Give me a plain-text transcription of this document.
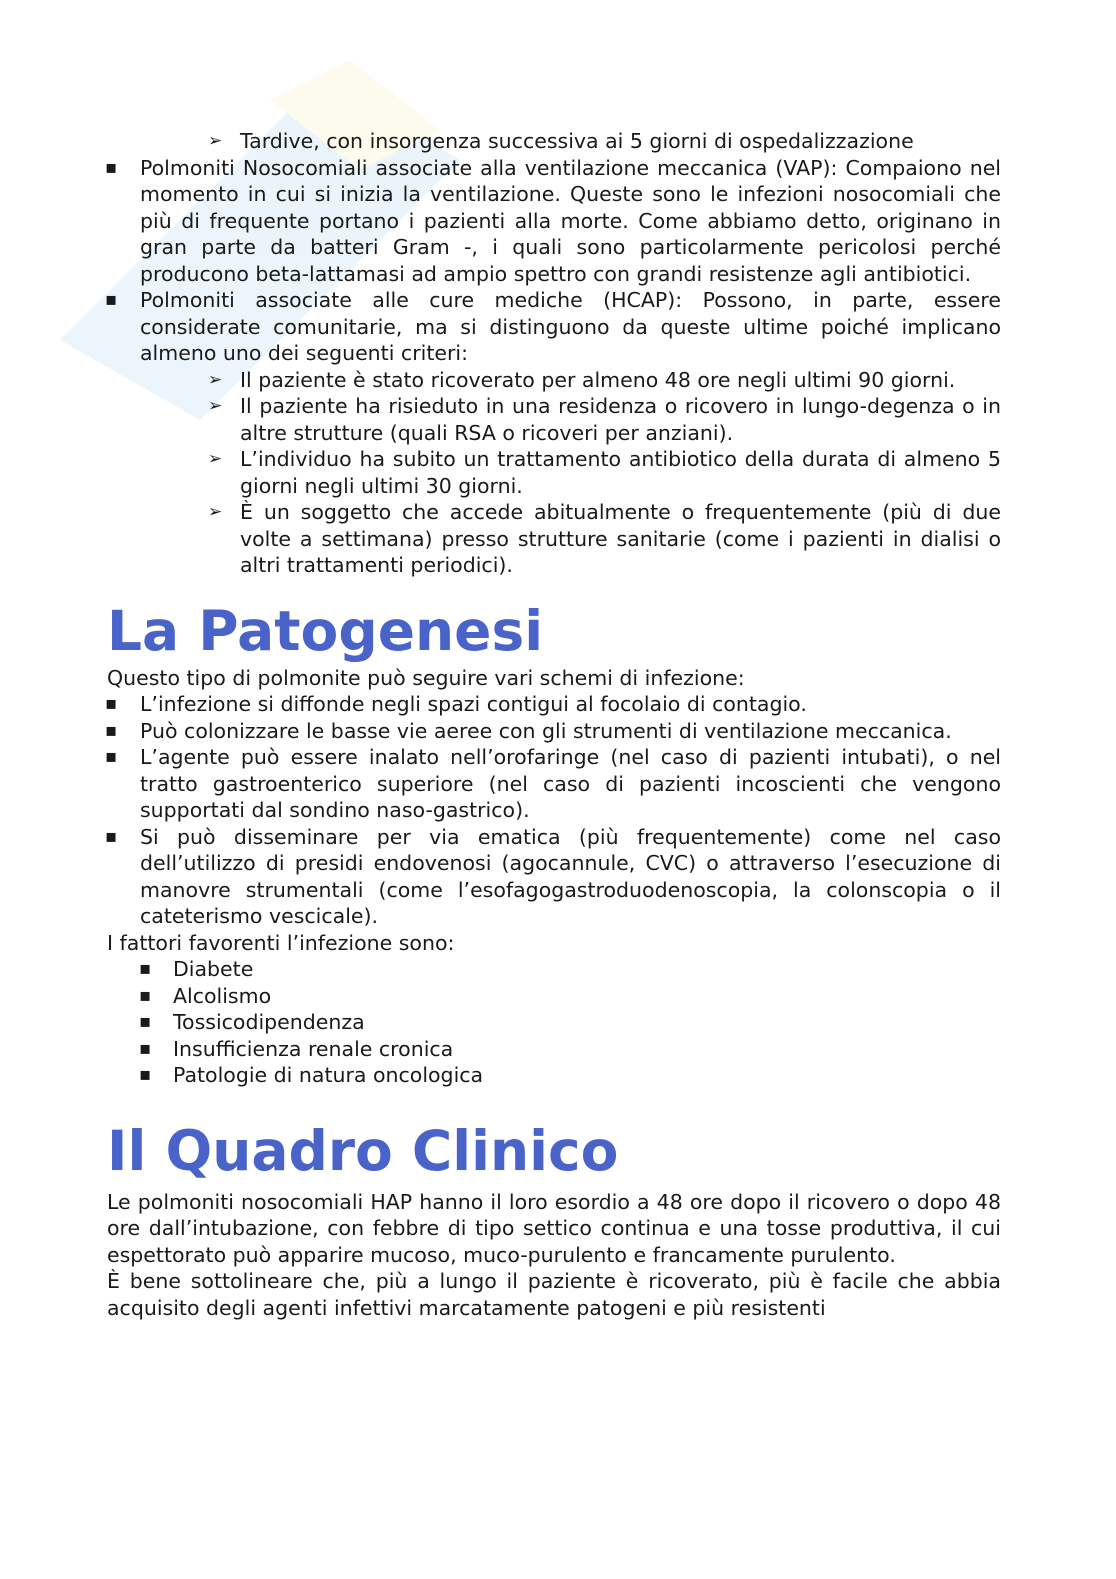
➢ Tardive, con insorgenza successiva ai 5 giorni di ospedalizzazione
▪ Polmoniti Nosocomiali associate alla ventilazione meccanica (VAP): Compaiono nel momento in cui si inizia la ventilazione. Queste sono le infezioni nosocomiali che più di frequente portano i pazienti alla morte. Come abbiamo detto, originano in gran parte da batteri Gram -, i quali sono particolarmente pericolosi perché producono beta-lattamasi ad ampio spettro con grandi resistenze agli antibiotici.
▪ Polmoniti associate alle cure mediche (HCAP): Possono, in parte, essere considerate comunitarie, ma si distinguono da queste ultime poiché implicano almeno uno dei seguenti criteri:
➢ Il paziente è stato ricoverato per almeno 48 ore negli ultimi 90 giorni.
➢ Il paziente ha risieduto in una residenza o ricovero in lungo-degenza o in altre strutture (quali RSA o ricoveri per anziani).
➢ L’individuo ha subito un trattamento antibiotico della durata di almeno 5 giorni negli ultimi 30 giorni.
➢ È un soggetto che accede abitualmente o frequentemente (più di due volte a settimana) presso strutture sanitarie (come i pazienti in dialisi o altri trattamenti periodici).
La Patogenesi
Questo tipo di polmonite può seguire vari schemi di infezione:
▪ L’infezione si diffonde negli spazi contigui al focolaio di contagio.
▪ Può colonizzare le basse vie aeree con gli strumenti di ventilazione meccanica.
▪ L’agente può essere inalato nell’orofaringe (nel caso di pazienti intubati), o nel tratto gastroenterico superiore (nel caso di pazienti incoscienti che vengono supportati dal sondino naso-gastrico).
▪ Si può disseminare per via ematica (più frequentemente) come nel caso dell’utilizzo di presidi endovenosi (agocannule, CVC) o attraverso l’esecuzione di manovre strumentali (come l’esofagogastroduodenoscopia, la colonscopia o il cateterismo vescicale).
I fattori favorenti l’infezione sono:
▪ Diabete
▪ Alcolismo
▪ Tossicodipendenza
▪ Insufficienza renale cronica
▪ Patologie di natura oncologica
Il Quadro Clinico
Le polmoniti nosocomiali HAP hanno il loro esordio a 48 ore dopo il ricovero o dopo 48 ore dall’intubazione, con febbre di tipo settico continua e una tosse produttiva, il cui espettorato può apparire mucoso, muco-purulento e francamente purulento.
È bene sottolineare che, più a lungo il paziente è ricoverato, più è facile che abbia acquisito degli agenti infettivi marcatamente patogeni e più resistenti
